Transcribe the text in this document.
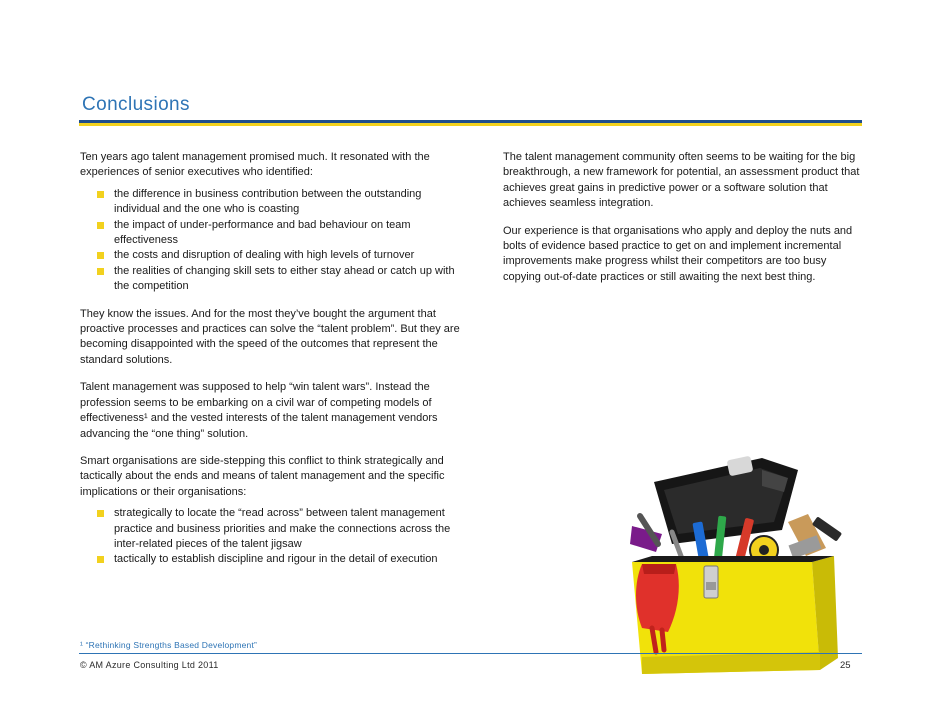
Conclusions

Ten years ago talent management promised much. It resonated with the experiences of senior executives who identified:

the difference in business contribution between the outstanding individual and the one who is coasting
the impact of under-performance and bad behaviour on team effectiveness
the costs and disruption of dealing with high levels of turnover
the realities of changing skill sets to either stay ahead or catch up with the competition

They know the issues. And for the most they’ve bought the argument that proactive processes and practices can solve the “talent problem”. But they are becoming disappointed with the speed of the outcomes that represent the standard solutions.

Talent management was supposed to help “win talent wars”. Instead the profession seems to be embarking on a civil war of competing models of effectiveness¹ and the vested interests of the talent management vendors advancing the “one thing” solution.

Smart organisations are side-stepping this conflict to think strategically and tactically about the ends and means of talent management and the specific implications or their organisations:

strategically to locate the “read across” between talent management practice and business priorities and make the connections across the inter-related pieces of the talent jigsaw
tactically to establish discipline and rigour in the detail of execution

The talent management community often seems to be waiting for the big breakthrough, a new framework for potential, an assessment product that achieves great gains in predictive power or a software solution that achieves seamless integration.

Our experience is that organisations who apply and deploy the nuts and bolts of evidence based practice to get on and implement incremental improvements make progress whilst their competitors are too busy copying out-of-date practices or still awaiting the next best thing.

¹ “Rethinking Strengths Based Development”
© AM Azure Consulting Ltd 2011	25
